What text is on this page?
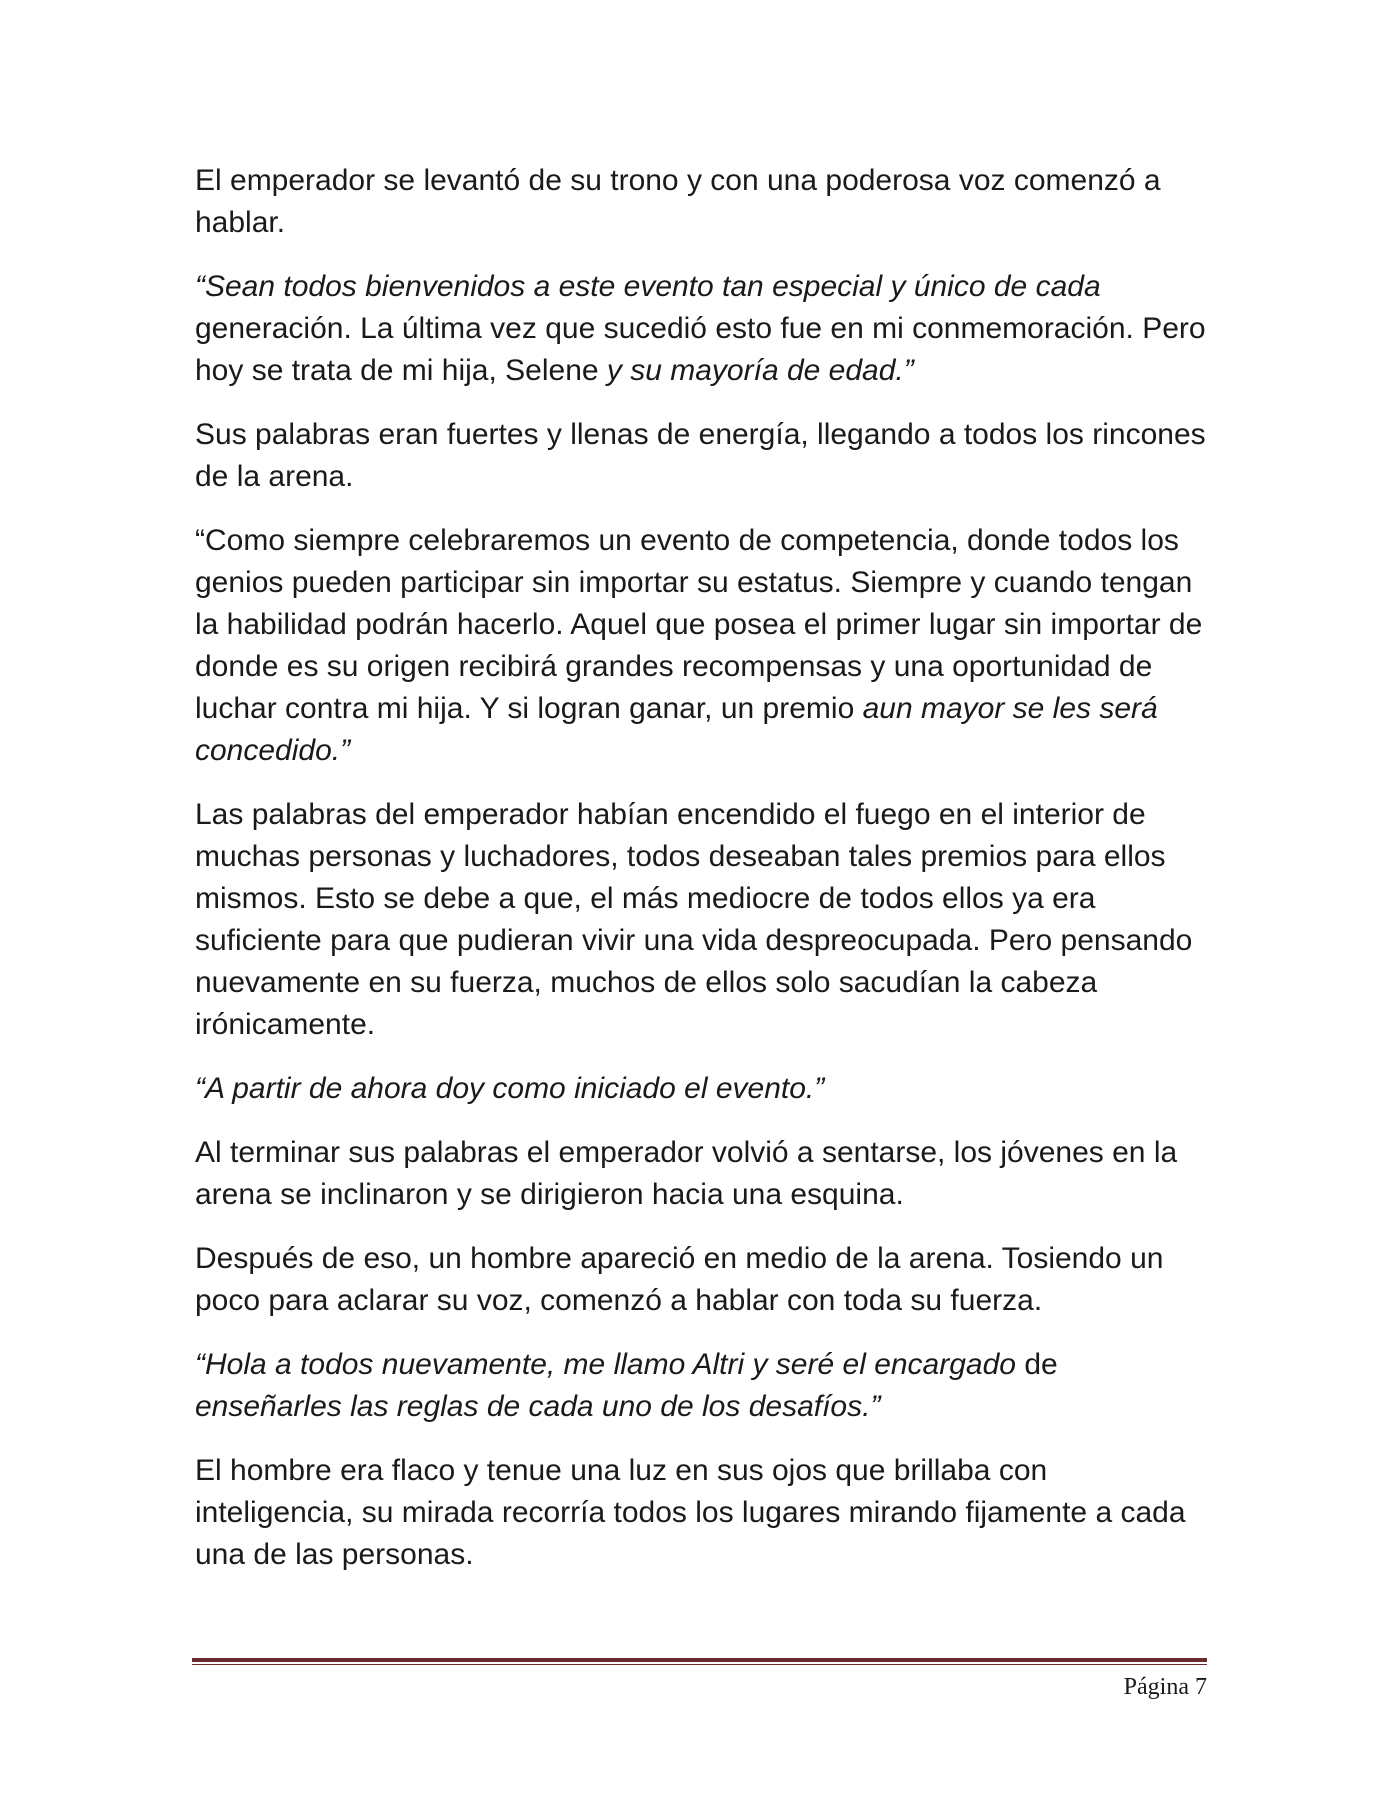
El emperador se levantó de su trono y con una poderosa voz comenzó a hablar.

“Sean todos bienvenidos a este evento tan especial y único de cada generación. La última vez que sucedió esto fue en mi conmemoración. Pero hoy se trata de mi hija, Selene y su mayoría de edad.”

Sus palabras eran fuertes y llenas de energía, llegando a todos los rincones de la arena.

“Como siempre celebraremos un evento de competencia, donde todos los genios pueden participar sin importar su estatus. Siempre y cuando tengan la habilidad podrán hacerlo. Aquel que posea el primer lugar sin importar de donde es su origen recibirá grandes recompensas y una oportunidad de luchar contra mi hija. Y si logran ganar, un premio aun mayor se les será concedido.”

Las palabras del emperador habían encendido el fuego en el interior de muchas personas y luchadores, todos deseaban tales premios para ellos mismos. Esto se debe a que, el más mediocre de todos ellos ya era suficiente para que pudieran vivir una vida despreocupada. Pero pensando nuevamente en su fuerza, muchos de ellos solo sacudían la cabeza irónicamente.

“A partir de ahora doy como iniciado el evento.”

Al terminar sus palabras el emperador volvió a sentarse, los jóvenes en la arena se inclinaron y se dirigieron hacia una esquina.

Después de eso, un hombre apareció en medio de la arena. Tosiendo un poco para aclarar su voz, comenzó a hablar con toda su fuerza.

“Hola a todos nuevamente, me llamo Altri y seré el encargado de enseñarles las reglas de cada uno de los desafíos.”

El hombre era flaco y tenue una luz en sus ojos que brillaba con inteligencia, su mirada recorría todos los lugares mirando fijamente a cada una de las personas.

Página 7
